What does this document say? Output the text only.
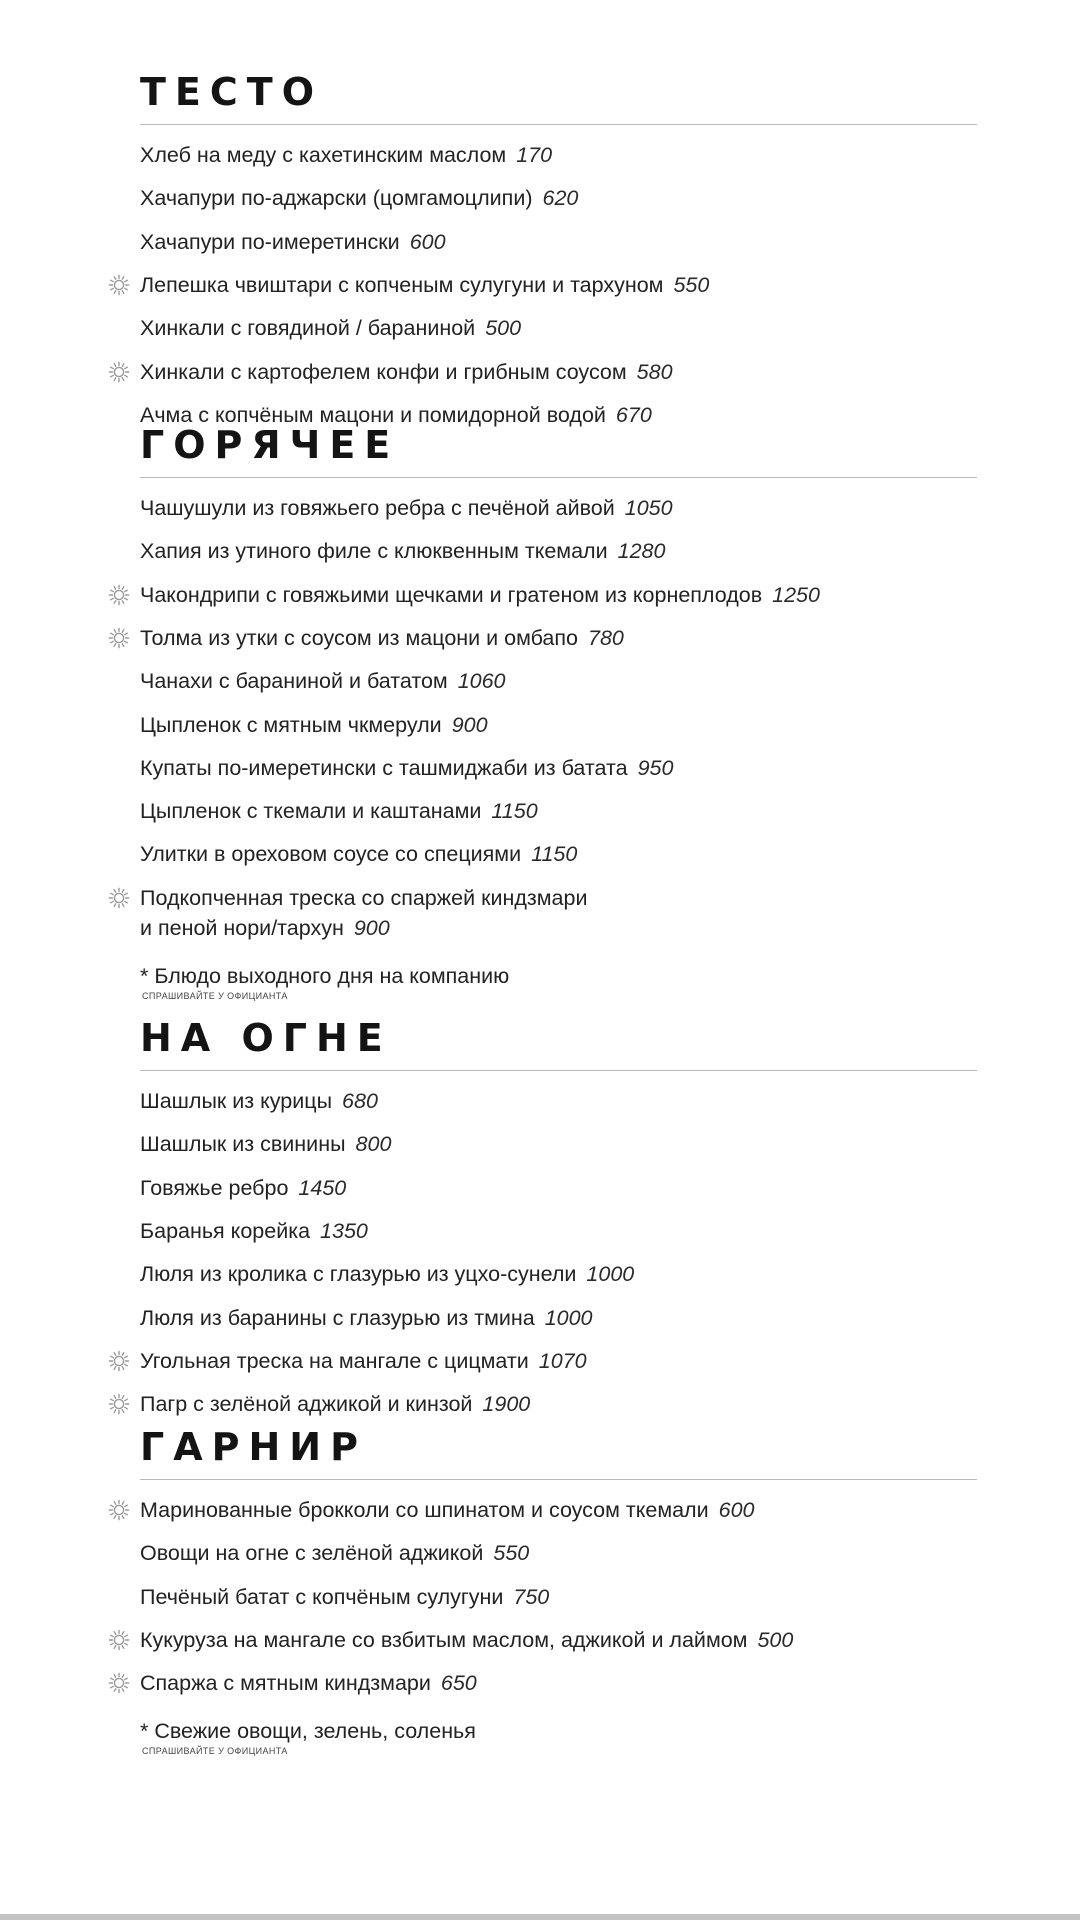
ТЕСТО
Хлеб на меду с кахетинским маслом 170
Хачапури по-аджарски (цомгамоцлипи) 620
Хачапури по-имеретински 600
Лепешка чвиштари с копченым сулугуни и тархуном 550
Хинкали с говядиной / бараниной 500
Хинкали с картофелем конфи и грибным соусом 580
Ачма с копчёным мацони и помидорной водой 670
ГОРЯЧЕЕ
Чашушули из говяжьего ребра с печёной айвой 1050
Хапия из утиного филе с клюквенным ткемали 1280
Чакондрипи с говяжьими щечками и гратеном из корнеплодов 1250
Толма из утки с соусом из мацони и омбапо 780
Чанахи с бараниной и бататом 1060
Цыпленок с мятным чкмерули 900
Купаты по-имеретински с ташмиджаби из батата 950
Цыпленок с ткемали и каштанами 1150
Улитки в ореховом соусе со специями 1150
Подкопченная треска со спаржей киндзмари
и пеной нори/тархун 900
* Блюдо выходного дня на компанию
СПРАШИВАЙТЕ У ОФИЦИАНТА
НА ОГНЕ
Шашлык из курицы 680
Шашлык из свинины 800
Говяжье ребро 1450
Баранья корейка 1350
Люля из кролика с глазурью из уцхо-сунели 1000
Люля из баранины с глазурью из тмина 1000
Угольная треска на мангале с цицмати 1070
Пагр с зелёной аджикой и кинзой 1900
ГАРНИР
Маринованные брокколи со шпинатом и соусом ткемали 600
Овощи на огне с зелёной аджикой 550
Печёный батат с копчёным сулугуни 750
Кукуруза на мангале со взбитым маслом, аджикой и лаймом 500
Спаржа с мятным киндзмари 650
* Свежие овощи, зелень, соленья
СПРАШИВАЙТЕ У ОФИЦИАНТА
